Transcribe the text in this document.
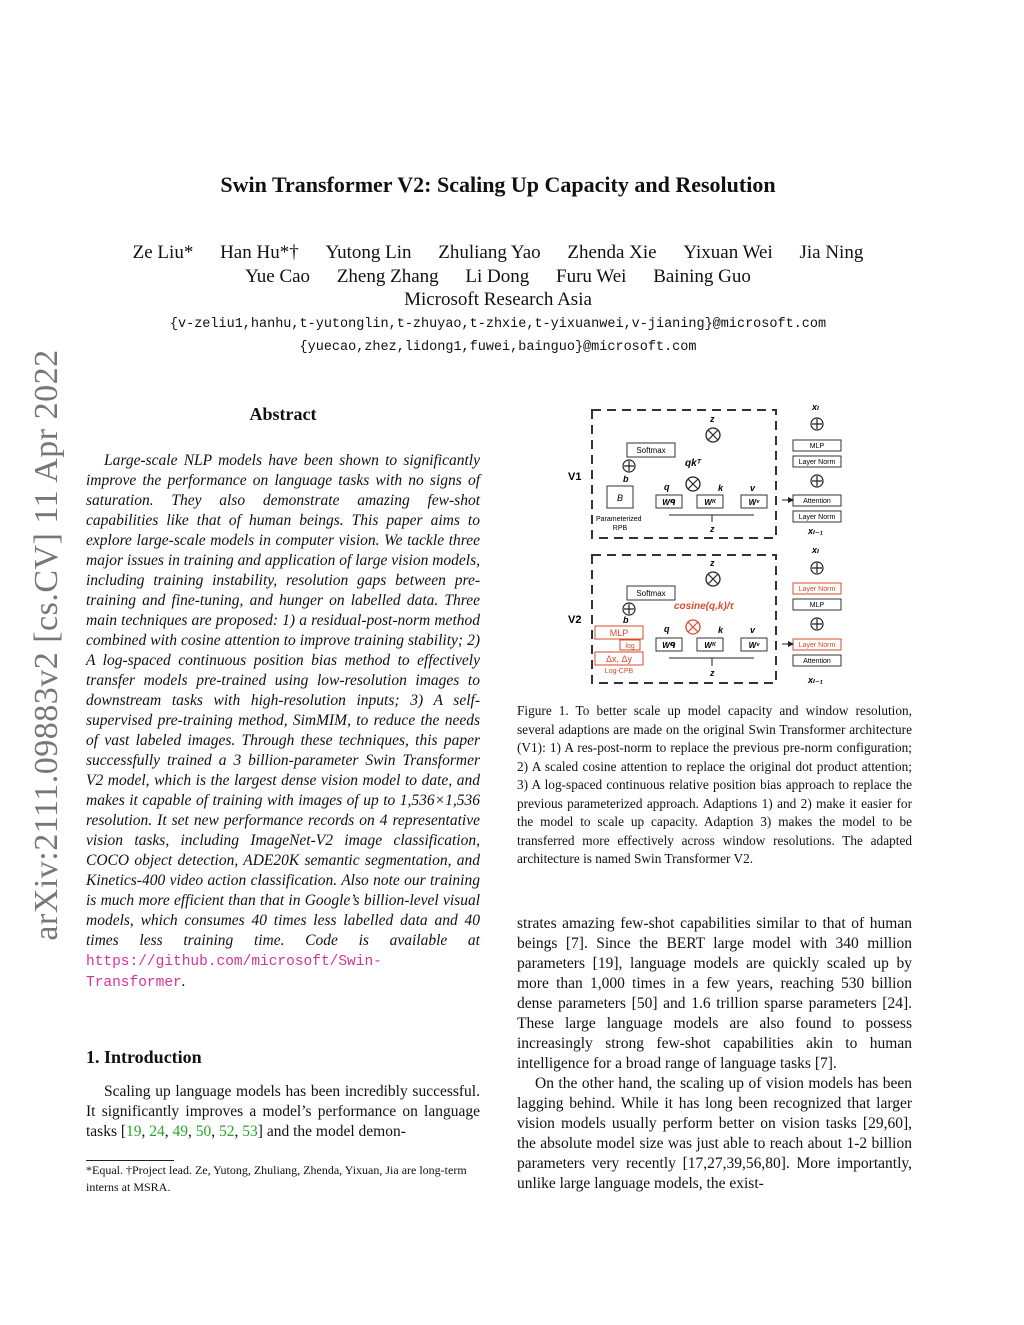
arXiv:2111.09883v2 [cs.CV] 11 Apr 2022
Swin Transformer V2: Scaling Up Capacity and Resolution
Ze Liu* Han Hu*† Yutong Lin Zhuliang Yao Zhenda Xie Yixuan Wei Jia Ning
Yue Cao Zheng Zhang Li Dong Furu Wei Baining Guo
Microsoft Research Asia
{v-zeliu1,hanhu,t-yutonglin,t-zhuyao,t-zhxie,t-yixuanwei,v-jianing}@microsoft.com
{yuecao,zhez,lidong1,fuwei,bainguo}@microsoft.com
Abstract
Large-scale NLP models have been shown to significantly improve the performance on language tasks with no signs of saturation. They also demonstrate amazing few-shot capabilities like that of human beings. This paper aims to explore large-scale models in computer vision. We tackle three major issues in training and application of large vision models, including training instability, resolution gaps between pre-training and fine-tuning, and hunger on labelled data. Three main techniques are proposed: 1) a residual-post-norm method combined with cosine attention to improve training stability; 2) A log-spaced continuous position bias method to effectively transfer models pre-trained using low-resolution images to downstream tasks with high-resolution inputs; 3) A self-supervised pre-training method, SimMIM, to reduce the needs of vast labeled images. Through these techniques, this paper successfully trained a 3 billion-parameter Swin Transformer V2 model, which is the largest dense vision model to date, and makes it capable of training with images of up to 1,536×1,536 resolution. It set new performance records on 4 representative vision tasks, including ImageNet-V2 image classification, COCO object detection, ADE20K semantic segmentation, and Kinetics-400 video action classification. Also note our training is much more efficient than that in Google’s billion-level visual models, which consumes 40 times less labelled data and 40 times less training time. Code is available at https://github.com/microsoft/Swin-Transformer.
1. Introduction

Scaling up language models has been incredibly successful. It significantly improves a model’s performance on language tasks [19, 24, 49, 50, 52, 53] and the model demon-

*Equal. †Project lead. Ze, Yutong, Zhuliang, Zhenda, Yixuan, Jia are long-term interns at MSRA.
V1
z
Softmax
qkᵀ
b
B
Parameterized
RPB
q	k	v
Wᑫ	Wᴷ	Wᵛ
z
xₗ
MLP
Layer Norm
Attention
Layer Norm
xₗ₋₁
V2
z
Softmax
cosine(q,k)/τ
b
MLP
log
Δx, Δy
Log-CPB
q	k	v
Wᑫ	Wᴷ	Wᵛ
z
xₗ
Layer Norm
MLP
Layer Norm
Attention
xₗ₋₁
Figure 1. To better scale up model capacity and window resolution, several adaptions are made on the original Swin Transformer architecture (V1): 1) A res-post-norm to replace the previous pre-norm configuration; 2) A scaled cosine attention to replace the original dot product attention; 3) A log-spaced continuous relative position bias approach to replace the previous parameterized approach. Adaptions 1) and 2) make it easier for the model to scale up capacity. Adaption 3) makes the model to be transferred more effectively across window resolutions. The adapted architecture is named Swin Transformer V2.

strates amazing few-shot capabilities similar to that of human beings [7]. Since the BERT large model with 340 million parameters [19], language models are quickly scaled up by more than 1,000 times in a few years, reaching 530 billion dense parameters [50] and 1.6 trillion sparse parameters [24]. These large language models are also found to possess increasingly strong few-shot capabilities akin to human intelligence for a broad range of language tasks [7].

On the other hand, the scaling up of vision models has been lagging behind. While it has long been recognized that larger vision models usually perform better on vision tasks [29,60], the absolute model size was just able to reach about 1-2 billion parameters very recently [17,27,39,56,80]. More importantly, unlike large language models, the exist-
